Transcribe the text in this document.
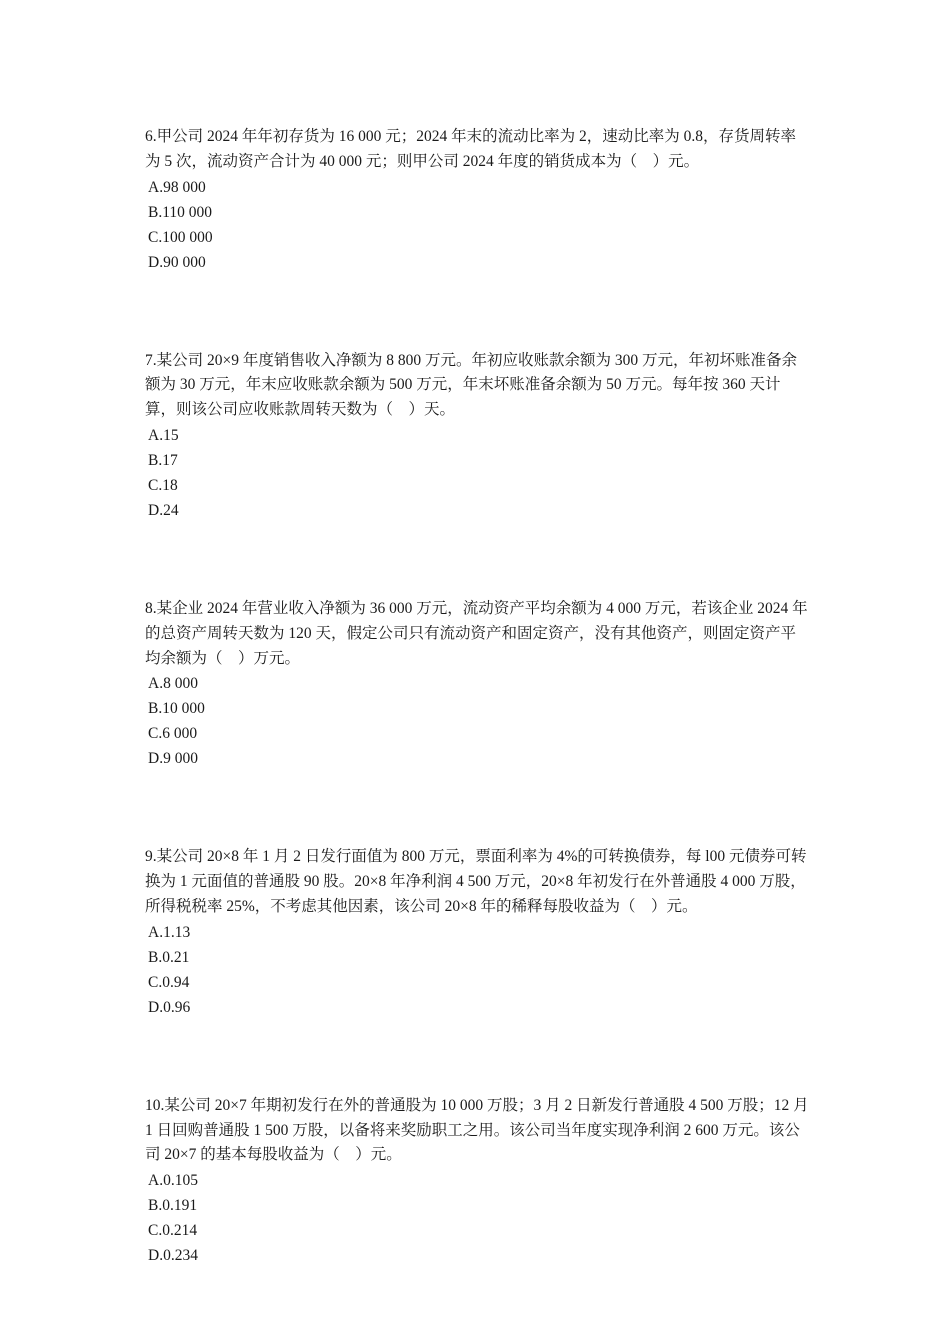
6.甲公司 2024 年年初存货为 16 000 元；2024 年末的流动比率为 2，速动比率为 0.8，存货周转率为 5 次，流动资产合计为 40 000 元；则甲公司 2024 年度的销货成本为（　）元。

A.98 000
B.110 000
C.100 000
D.90 000

7.某公司 20×9 年度销售收入净额为 8 800 万元。年初应收账款余额为 300 万元，年初坏账准备余额为 30 万元，年末应收账款余额为 500 万元，年末坏账准备余额为 50 万元。每年按 360 天计算，则该公司应收账款周转天数为（　）天。

A.15
B.17
C.18
D.24

8.某企业 2024 年营业收入净额为 36 000 万元，流动资产平均余额为 4 000 万元，若该企业 2024 年的总资产周转天数为 120 天，假定公司只有流动资产和固定资产，没有其他资产，则固定资产平均余额为（　）万元。

A.8 000
B.10 000
C.6 000
D.9 000

9.某公司 20×8 年 1 月 2 日发行面值为 800 万元，票面利率为 4%的可转换债券，每 l00 元债券可转换为 1 元面值的普通股 90 股。20×8 年净利润 4 500 万元，20×8 年初发行在外普通股 4 000 万股，所得税税率 25%，不考虑其他因素，该公司 20×8 年的稀释每股收益为（　）元。

A.1.13
B.0.21
C.0.94
D.0.96

10.某公司 20×7 年期初发行在外的普通股为 10 000 万股；3 月 2 日新发行普通股 4 500 万股；12 月 1 日回购普通股 1 500 万股，以备将来奖励职工之用。该公司当年度实现净利润 2 600 万元。该公司 20×7 的基本每股收益为（　）元。

A.0.105
B.0.191
C.0.214
D.0.234
